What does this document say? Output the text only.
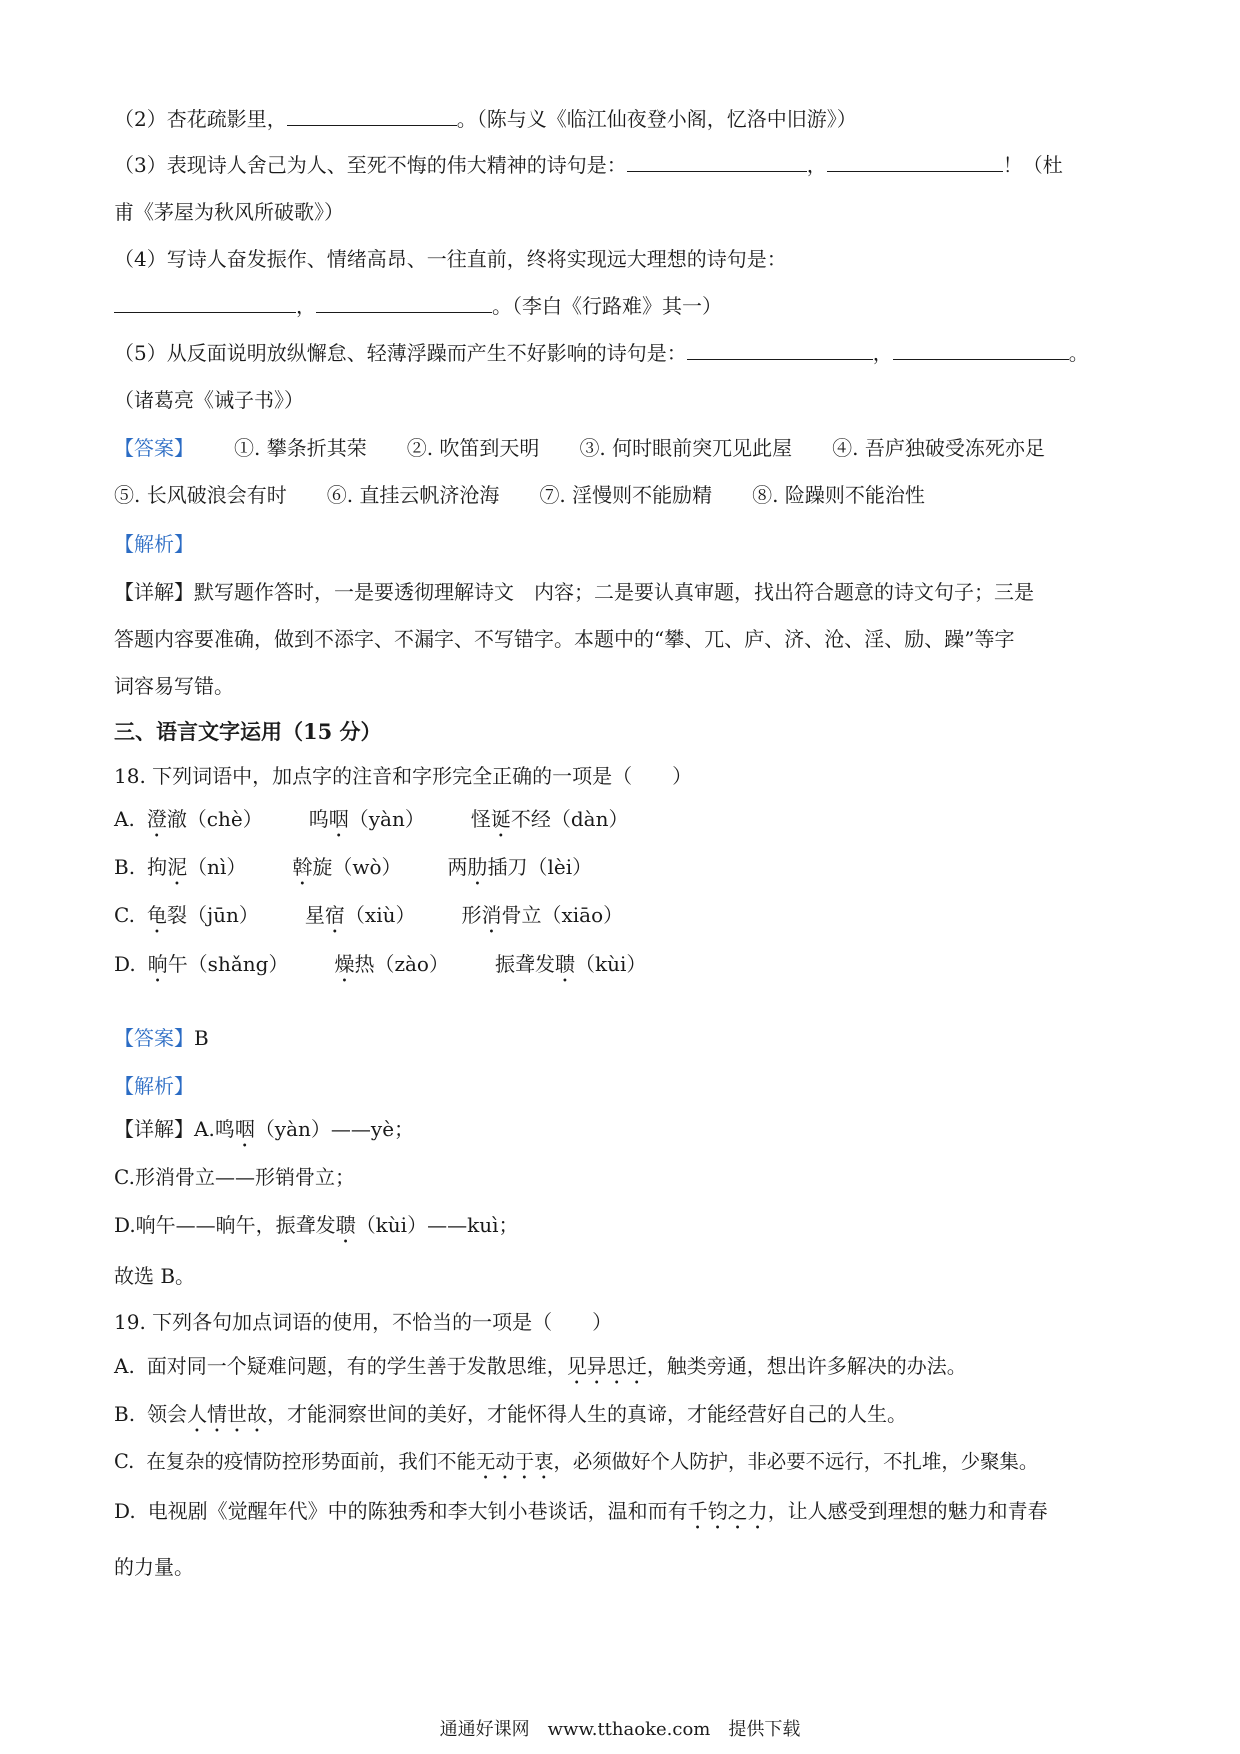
（2）杏花疏影里，	。（陈与义《临江仙夜登小阁，忆洛中旧游》）
（3）表现诗人舍己为人、至死不悔的伟大精神的诗句是：	，	！（杜
甫《茅屋为秋风所破歌》）
（4）写诗人奋发振作、情绪高昂、一往直前，终将实现远大理想的诗句是：
，	。（李白《行路难》其一）
（5）从反面说明放纵懈怠、轻薄浮躁而产生不好影响的诗句是：	，	。
（诸葛亮《诫子书》）
【答案】 ①. 攀条折其荣 ②. 吹笛到天明 ③. 何时眼前突兀见此屋 ④. 吾庐独破受冻死亦足
⑤. 长风破浪会有时 ⑥. 直挂云帆济沧海 ⑦. 淫慢则不能励精 ⑧. 险躁则不能治性
【解析】
【详解】默写题作答时，一是要透彻理解诗文　内容；二是要认真审题，找出符合题意的诗文句子；三是
答题内容要准确，做到不添字、不漏字、不写错字。本题中的“攀、兀、庐、济、沧、淫、励、躁”等字
词容易写错。
三、语言文字运用（15 分）
18. 下列词语中，加点字的注音和字形完全正确的一项是（　　）
A. 澄澈（chè） 呜咽（yàn） 怪诞不经（dàn）
B. 拘泥（nì） 斡旋（wò） 两肋插刀（lèi）
C. 龟裂（jūn） 星宿（xiù） 形消骨立（xiāo）
D. 晌午（shǎng） 燥热（zào） 振聋发聩（kùi）
【答案】B
【解析】
【详解】A.鸣咽（yàn）——yè；
C.形消骨立——形销骨立；
D.响午——晌午，振聋发聩（kùi）——kuì；
故选 B。
19. 下列各句加点词语的使用，不恰当的一项是（　　）
A. 面对同一个疑难问题，有的学生善于发散思维，见异思迁，触类旁通，想出许多解决的办法。
B. 领会人情世故，才能洞察世间的美好，才能怀得人生的真谛，才能经营好自己的人生。
C. 在复杂的疫情防控形势面前，我们不能无动于衷，必须做好个人防护，非必要不远行，不扎堆，少聚集。
D. 电视剧《觉醒年代》中的陈独秀和李大钊小巷谈话，温和而有千钧之力，让人感受到理想的魅力和青春
的力量。
通通好课网　www.tthaoke.com　提供下载
